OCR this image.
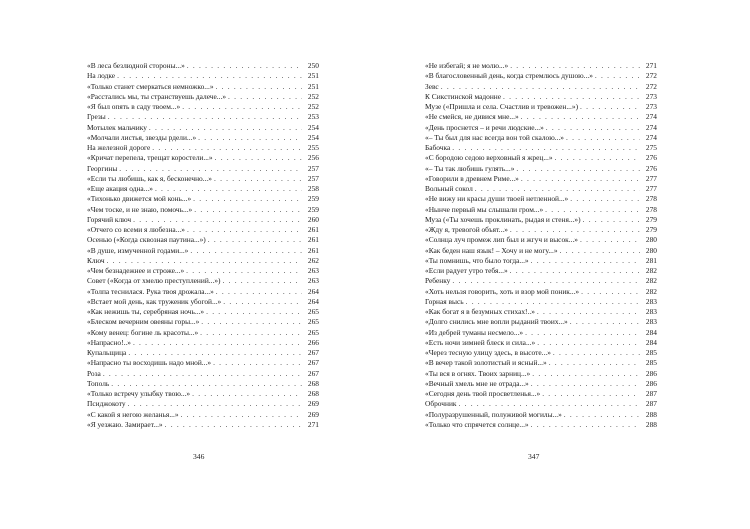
«В леса безлюдной стороны...» . . .	250
На лодке . . .	251
«Только станет смеркаться немножко...» . . .	251
«Расстались мы, ты странствуешь далече...» . . .	252
«Я был опять в саду твоем...» . . .	252
Грезы . . .	253
Мотылек мальчику . . .	254
«Молчали листья, звезды рдели...» . . .	254
На железной дороге . . .	255
«Кричат перепела, трещат коростели...» . . .	256
Георгины . . .	257
«Если ты любишь, как я, бесконечно...» . . .	257
«Еще акация одна...» . . .	258
«Тихонько движется мой конь...» . . .	259
«Чем тоске, и не знаю, помочь...» . . .	259
Горячий ключ . . .	260
«Отчего со всеми я любезна...» . . .	261
Осенью («Когда сквозная паутина...») . . .	261
«В душе, измученной годами...» . . .	261
Ключ . . .	262
«Чем безнадежнее и строже...» . . .	263
Совет («Когда от хмелю преступлений...») . . .	263
«Толпа теснилася. Рука твоя дрожала...» . . .	264
«Встает мой день, как труженик убогой...» . . .	264
«Как нежишь ты, серебряная ночь...» . . .	265
«Блеском вечерним овеяны горы...» . . .	265
«Кому венец: богине ль красоты...» . . .	265
«Напрасно!..» . . .	266
Купальщица . . .	267
«Напрасно ты восходишь надо мной...» . . .	267
Роза . . .	267
Тополь . . .	268
«Только встречу улыбку твою...» . . .	268
Псиджокоту . . .	269
«С какой я негою желанья...» . . .	269
«Я уезжаю. Замирает...» . . .	271
346
«Не избегай; я не молю...» . . .	271
«В благословенный день, когда стремлюсь душою...» . . .	272
Зевс . . .	272
К Сикстинской мадонне . . .	273
Музе («Пришла и села. Счастлив и тревожен...») . . .	273
«Не смейся, не дивися мне...» . . .	274
«День проснется – и речи людские...» . . .	274
«– Ты был для нас всегда вон той скалою...» . . .	274
Бабочка . . .	275
«С бородою седою верховный я жрец...» . . .	276
«– Ты так любишь гулять...» . . .	276
«Говорили в древнем Риме...» . . .	277
Вольный сокол . . .	277
«Не вижу ни красы души твоей нетленной...» . . .	278
«Нынче первый мы слышали гром...» . . .	278
Муза («Ты хочешь проклинать, рыдая и стеня...») . . .	279
«Жду я, тревогой объят...» . . .	279
«Солнца луч промеж лип был и жгуч и высок...» . . .	280
«Как беден наш язык! – Хочу и не могу...» . . .	280
«Ты помнишь, что было тогда...» . . .	281
«Если радует утро тебя...» . . .	282
Ребенку . . .	282
«Хоть нельзя говорить, хоть и взор мой поник...» . . .	282
Горная высь . . .	283
«Как богат я в безумных стихах!..» . . .	283
«Долго снились мне вопли рыданий твоих...» . . .	283
«Из дебрей туманы несмело...» . . .	284
«Есть ночи зимней блеск и сила...» . . .	284
«Через тесную улицу здесь, в высоте...» . . .	285
«В вечер такой золотистый и ясный...» . . .	285
«Ты вся в огнях. Твоих зарниц...» . . .	286
«Вечный хмель мне не отрада...» . . .	286
«Сегодня день твой просветленья...» . . .	287
Оброчник . . .	287
«Полуразрушенный, полуживой могилы...» . . .	288
«Только что спрячется солнце...» . . .	288
347
